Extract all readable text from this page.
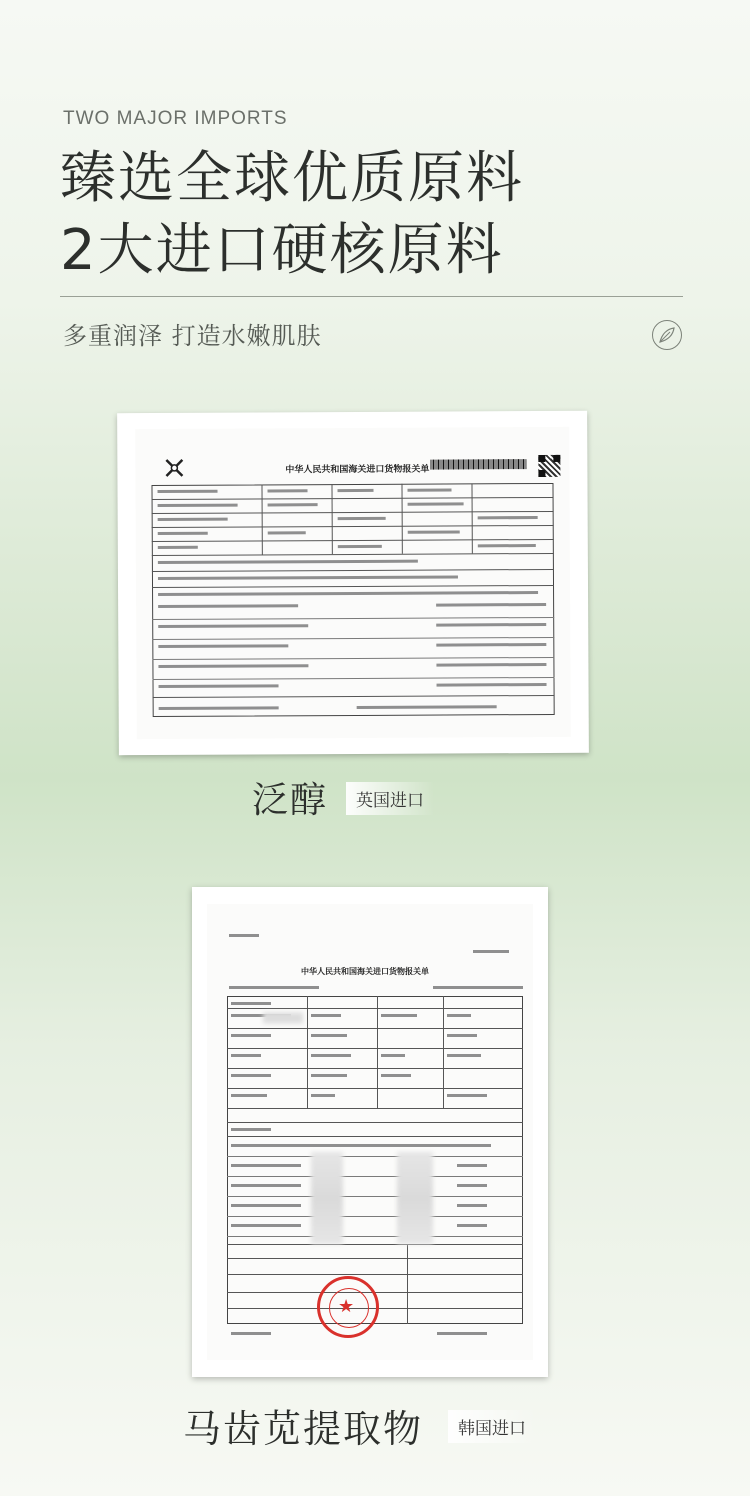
TWO MAJOR IMPORTS
臻选全球优质原料
2大进口硬核原料
多重润泽 打造水嫩肌肤
中华人民共和国海关进口货物报关单
泛醇	英国进口
中华人民共和国海关进口货物报关单
★
马齿苋提取物	韩国进口
